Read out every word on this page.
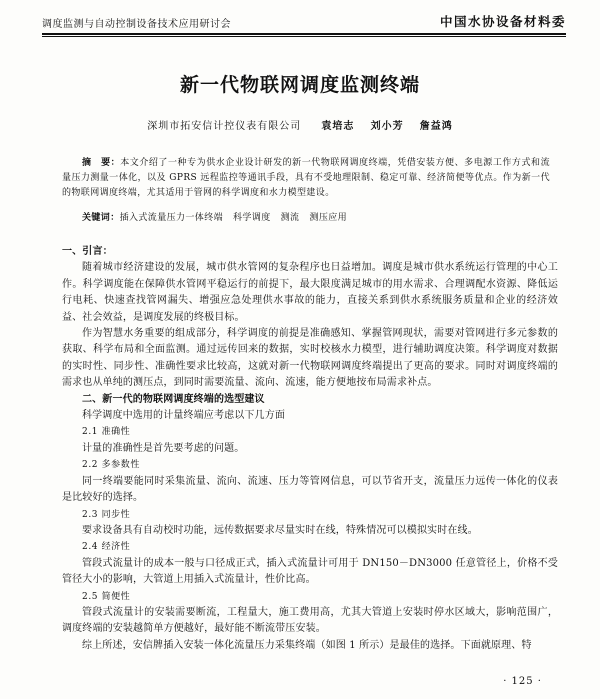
调度监测与自动控制设备技术应用研讨会	中国水协设备材料委
新一代物联网调度监测终端
深圳市拓安信计控仪表有限公司 袁培志 刘小芳 詹益鸿
摘　要：本文介绍了一种专为供水企业设计研发的新一代物联网调度终端，凭借安装方便、多电源工作方式和流量压力测量一体化，以及 GPRS 远程监控等通讯手段，具有不受地理限制、稳定可靠、经济简便等优点。作为新一代的物联网调度终端，尤其适用于管网的科学调度和水力模型建设。
关键词：插入式流量压力一体终端 科学调度 测流 测压应用

一、引言：

随着城市经济建设的发展，城市供水管网的复杂程序也日益增加。调度是城市供水系统运行管理的中心工作。科学调度能在保障供水管网平稳运行的前提下，最大限度满足城市的用水需求、合理调配水资源、降低运行电耗、快速查找管网漏失、增强应急处理供水事故的能力，直接关系到供水系统服务质量和企业的经济效益、社会效益，是调度发展的终极目标。

作为智慧水务重要的组成部分，科学调度的前提是准确感知、掌握管网现状，需要对管网进行多元参数的获取、科学布局和全面监测。通过远传回来的数据，实时校核水力模型，进行辅助调度决策。科学调度对数据的实时性、同步性、准确性要求比较高，这就对新一代物联网调度终端提出了更高的要求。同时对调度终端的需求也从单纯的测压点，到同时需要流量、流向、流速，能方便地按布局需求补点。

二、新一代的物联网调度终端的选型建议

科学调度中选用的计量终端应考虑以下几方面

2.1 准确性

计量的准确性是首先要考虑的问题。

2.2 多参数性

同一终端要能同时采集流量、流向、流速、压力等管网信息，可以节省开支，流量压力远传一体化的仪表是比较好的选择。

2.3 同步性

要求设备具有自动校时功能，远传数据要求尽量实时在线，特殊情况可以模拟实时在线。

2.4 经济性

管段式流量计的成本一般与口径成正式，插入式流量计可用于 DN150－DN3000 任意管径上，价格不受管径大小的影响，大管道上用插入式流量计，性价比高。

2.5 简便性

管段式流量计的安装需要断流，工程量大，施工费用高，尤其大管道上安装时停水区域大，影响范围广，调度终端的安装越简单方便越好，最好能不断流带压安装。

综上所述，安信牌插入安装一体化流量压力采集终端（如图 1 所示）是最佳的选择。下面就原理、特

· 125 ·
